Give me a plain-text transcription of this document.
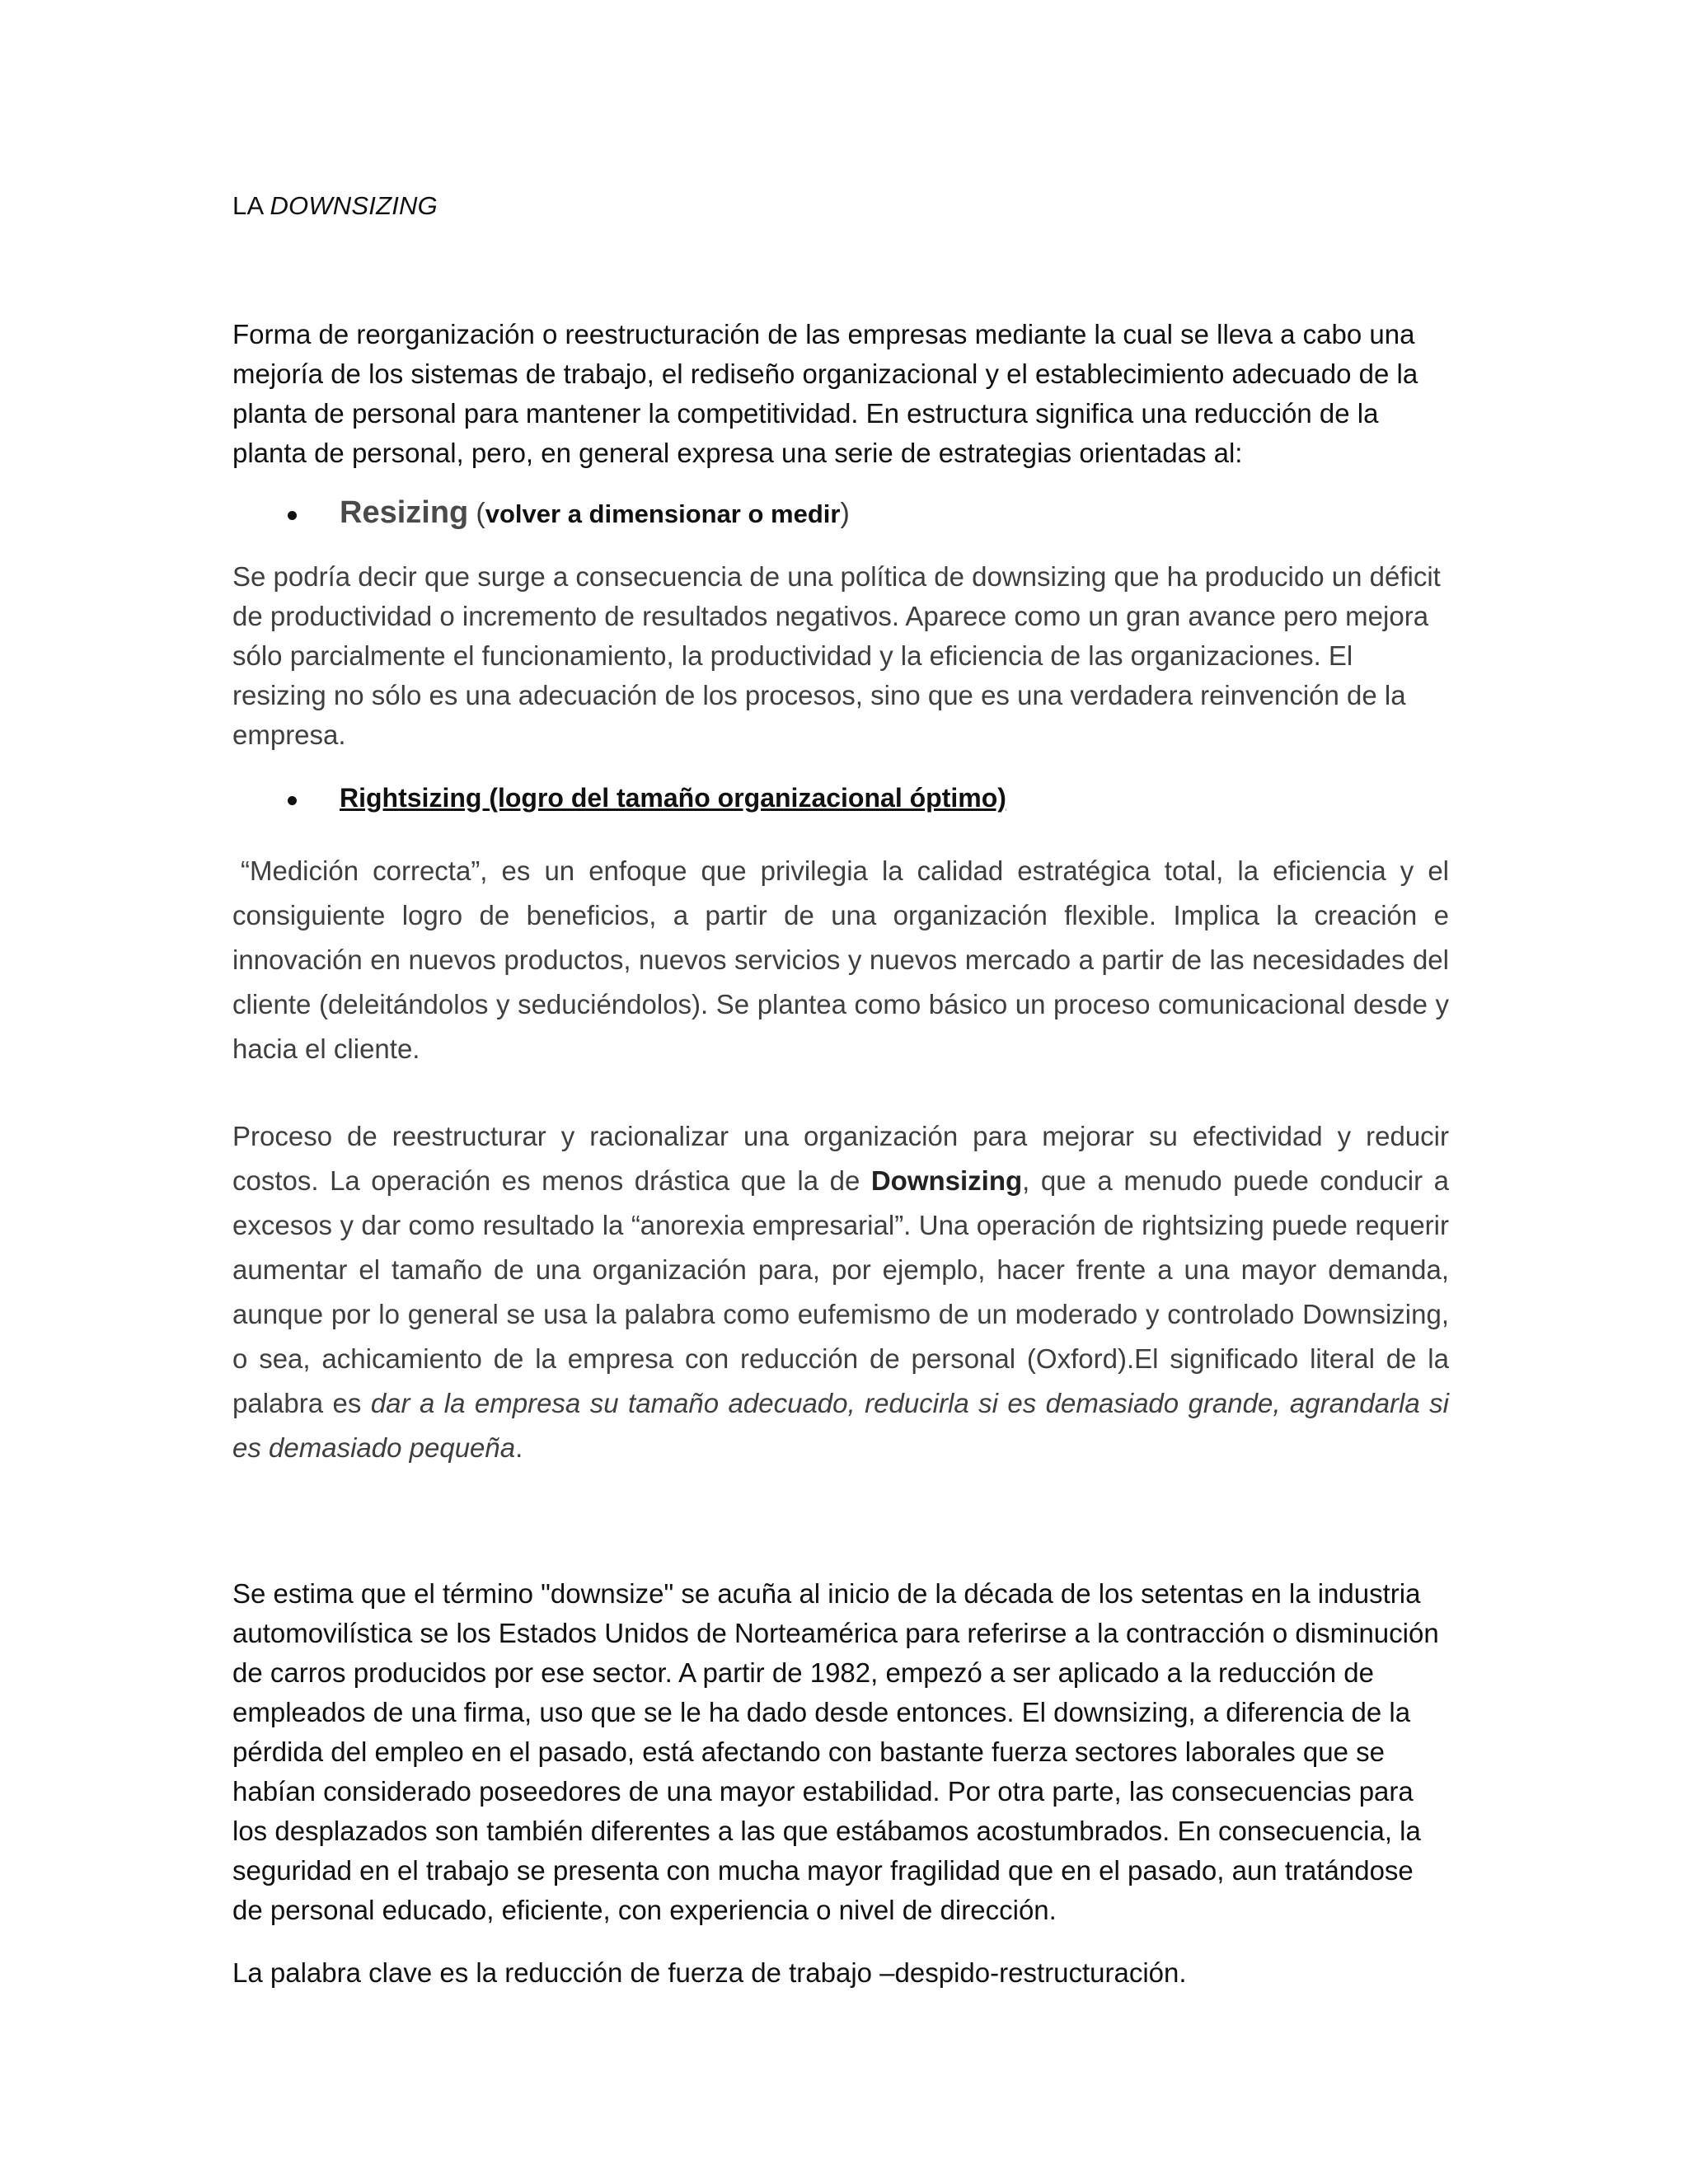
LA DOWNSIZING

Forma de reorganización o reestructuración de las empresas mediante la cual se lleva a cabo una mejoría de los sistemas de trabajo, el rediseño organizacional y el establecimiento adecuado de la planta de personal para mantener la competitividad. En estructura significa una reducción de la planta de personal, pero, en general expresa una serie de estrategias orientadas al:

Resizing (volver a dimensionar o medir)

Se podría decir que surge a consecuencia de una política de downsizing que ha producido un déficit de productividad o incremento de resultados negativos. Aparece como un gran avance pero mejora sólo parcialmente el funcionamiento, la productividad y la eficiencia de las organizaciones. El resizing no sólo es una adecuación de los procesos, sino que es una verdadera reinvención de la empresa.

Rightsizing (logro del tamaño organizacional óptimo)

“Medición correcta”, es un enfoque que privilegia la calidad estratégica total, la eficiencia y el consiguiente logro de beneficios, a partir de una organización flexible. Implica la creación e innovación en nuevos productos, nuevos servicios y nuevos mercado a partir de las necesidades del cliente (deleitándolos y seduciéndolos). Se plantea como básico un proceso comunicacional desde y hacia el cliente.

Proceso de reestructurar y racionalizar una organización para mejorar su efectividad y reducir costos. La operación es menos drástica que la de Downsizing, que a menudo puede conducir a excesos y dar como resultado la “anorexia empresarial”. Una operación de rightsizing puede requerir aumentar el tamaño de una organización para, por ejemplo, hacer frente a una mayor demanda, aunque por lo general se usa la palabra como eufemismo de un moderado y controlado Downsizing, o sea, achicamiento de la empresa con reducción de personal (Oxford).El significado literal de la palabra es dar a la empresa su tamaño adecuado, reducirla si es demasiado grande, agrandarla si es demasiado pequeña.

Se estima que el término "downsize" se acuña al inicio de la década de los setentas en la industria automovilística se los Estados Unidos de Norteamérica para referirse a la contracción o disminución de carros producidos por ese sector. A partir de 1982, empezó a ser aplicado a la reducción de empleados de una firma, uso que se le ha dado desde entonces. El downsizing, a diferencia de la pérdida del empleo en el pasado, está afectando con bastante fuerza sectores laborales que se habían considerado poseedores de una mayor estabilidad. Por otra parte, las consecuencias para los desplazados son también diferentes a las que estábamos acostumbrados. En consecuencia, la seguridad en el trabajo se presenta con mucha mayor fragilidad que en el pasado, aun tratándose de personal educado, eficiente, con experiencia o nivel de dirección.

La palabra clave es la reducción de fuerza de trabajo –despido-restructuración.
